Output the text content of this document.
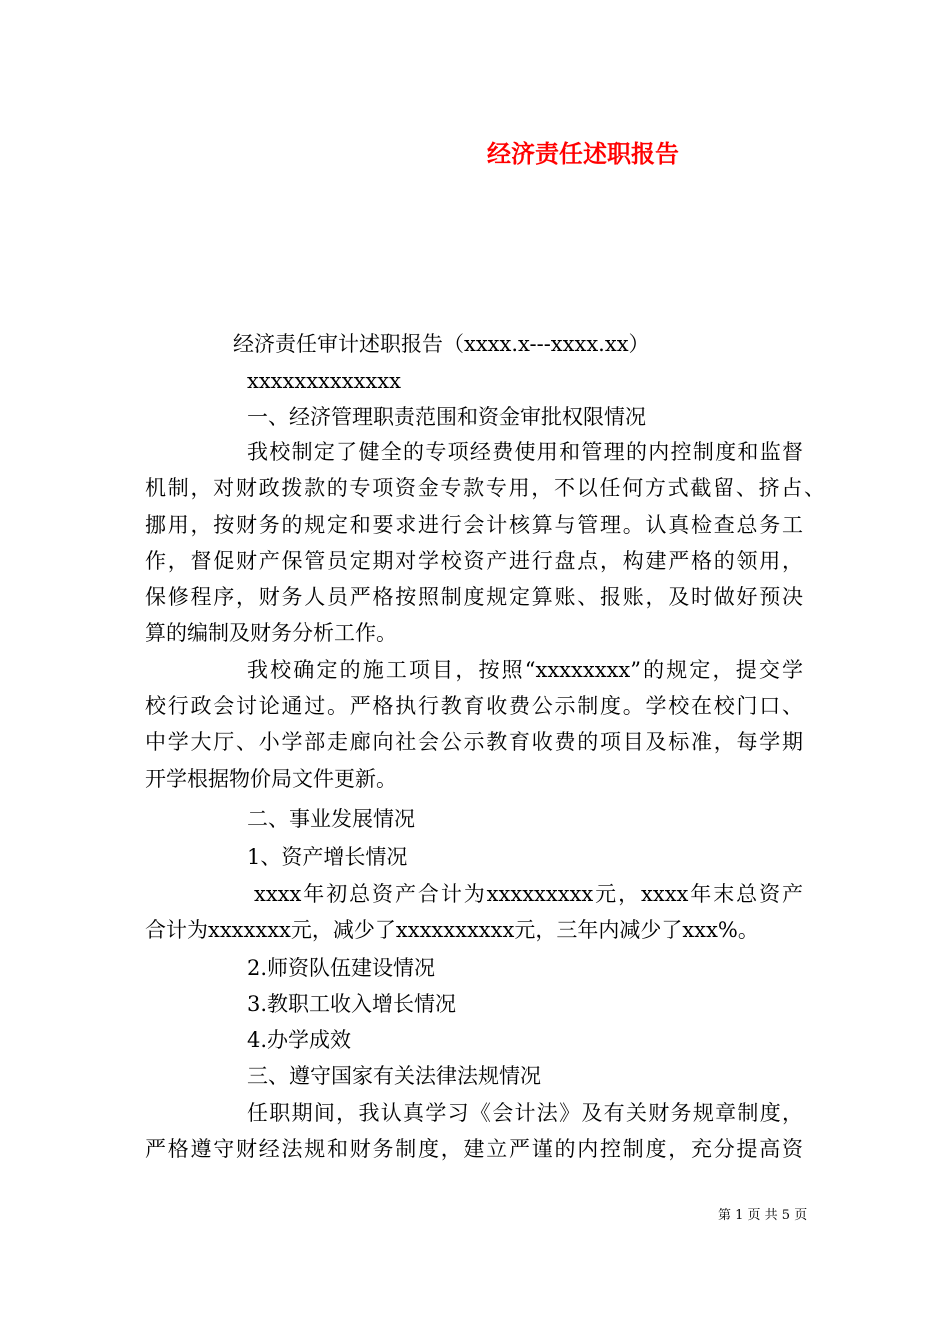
经济责任述职报告
经济责任审计述职报告（xxxx.x---xxxx.xx）
xxxxxxxxxxxxx
一、经济管理职责范围和资金审批权限情况
我校制定了健全的专项经费使用和管理的内控制度和监督
机制，对财政拨款的专项资金专款专用，不以任何方式截留、挤占、
挪用，按财务的规定和要求进行会计核算与管理。认真检查总务工
作，督促财产保管员定期对学校资产进行盘点，构建严格的领用，
保修程序，财务人员严格按照制度规定算账、报账，及时做好预决
算的编制及财务分析工作。
我校确定的施工项目，按照“xxxxxxxx”的规定，提交学
校行政会讨论通过。严格执行教育收费公示制度。学校在校门口、
中学大厅、小学部走廊向社会公示教育收费的项目及标准，每学期
开学根据物价局文件更新。
二、事业发展情况
1、资产增长情况
xxxx年初总资产合计为xxxxxxxxx元，xxxx年末总资产
合计为xxxxxxx元，减少了xxxxxxxxxx元，三年内减少了xxx%。
2.师资队伍建设情况
3.教职工收入增长情况
4.办学成效
三、遵守国家有关法律法规情况
任职期间，我认真学习《会计法》及有关财务规章制度，
严格遵守财经法规和财务制度，建立严谨的内控制度，充分提高资
第 1 页 共 5 页
